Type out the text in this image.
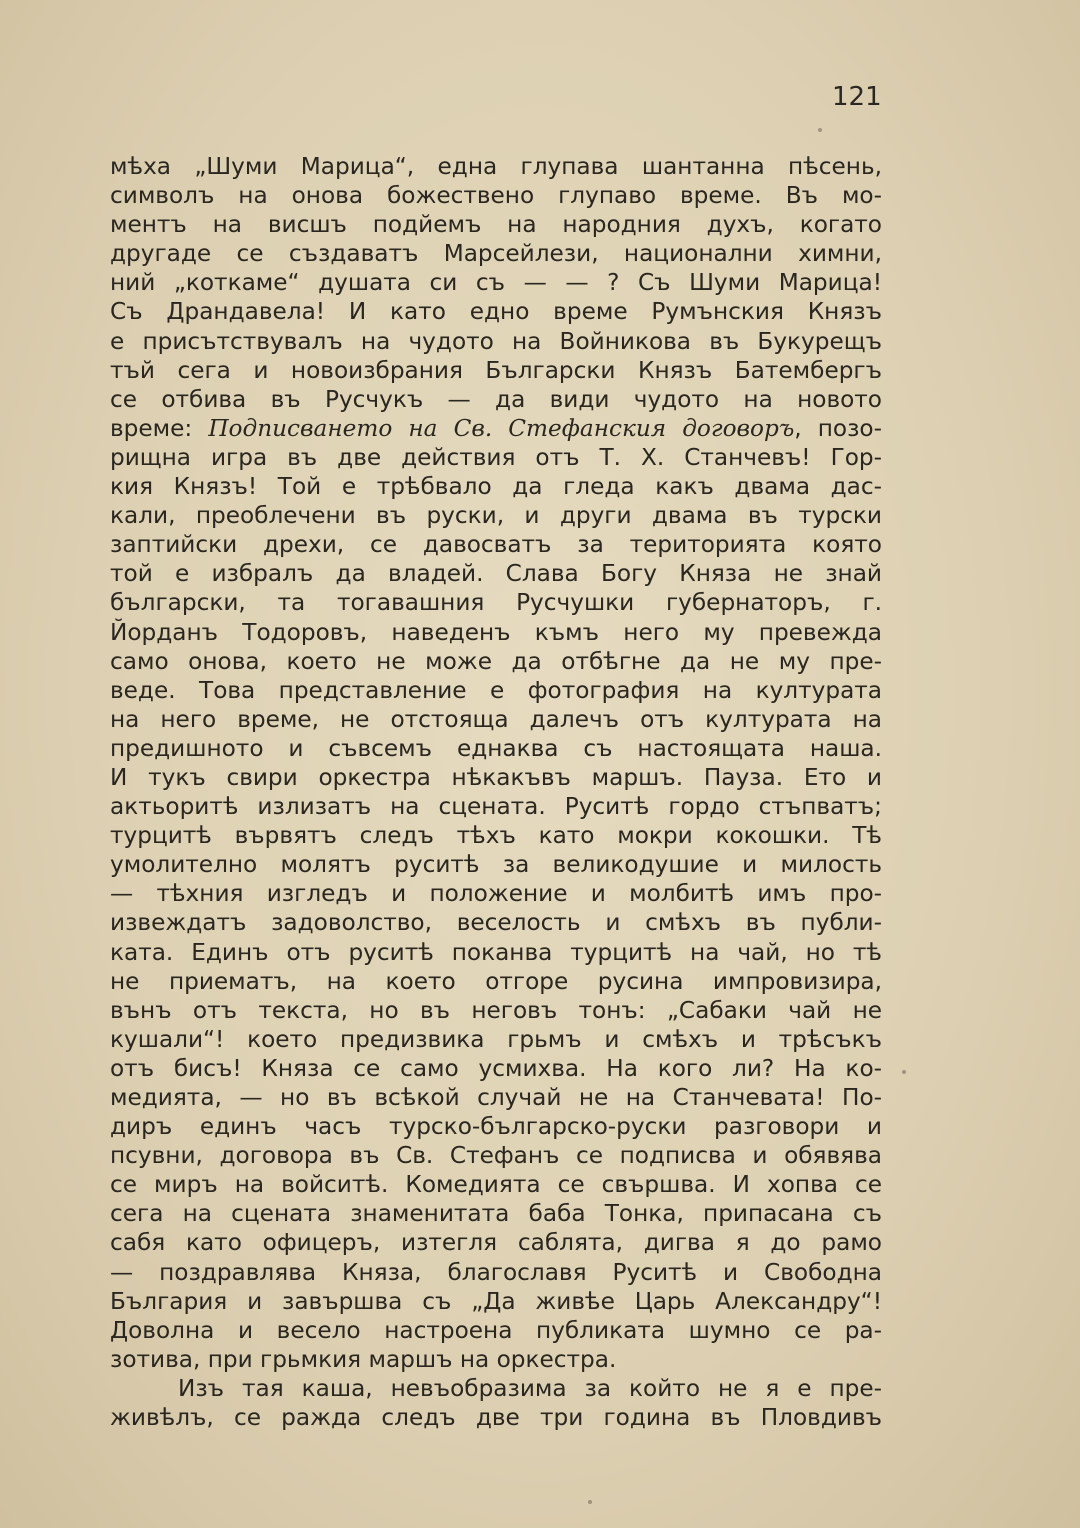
121
мѣха „Шуми Марица“, една глупава шантанна пѣсень,
символъ на онова божествено глупаво време. Въ мо-
ментъ на висшъ подйемъ на народния духъ, когато
другаде се създаватъ Марсейлези, национални химни,
ний „коткаме“ душата си съ — — ? Съ Шуми Марица!
Съ Драндавела! И като едно време Румънския Князъ
е присътствувалъ на чудото на Войникова въ Букурещъ
тъй сега и новоизбрания Български Князъ Батембергъ
се отбива въ Русчукъ — да види чудото на новото
време: Подписването на Св. Стефанския договоръ, позо-
рищна игра въ две действия отъ Т. Х. Станчевъ! Гор-
кия Князъ! Той е трѣбвало да гледа какъ двама дас-
кали, преоблечени въ руски, и други двама въ турски
заптийски дрехи, се давосватъ за територията която
той е избралъ да владей. Слава Богу Княза не знай
български, та тогавашния Русчушки губернаторъ, г.
Йорданъ Тодоровъ, наведенъ къмъ него му превежда
само онова, което не може да отбѣгне да не му пре-
веде. Това представление е фотография на културата
на него време, не отстояща далечъ отъ културата на
предишното и съвсемъ еднаква съ настоящата наша.
И тукъ свири оркестра нѣкакъвъ маршъ. Пауза. Ето и
актьоритѣ излизатъ на сцената. Руситѣ гордо стъпватъ;
турцитѣ вървятъ следъ тѣхъ като мокри кокошки. Тѣ
умолително молятъ руситѣ за великодушие и милость
— тѣхния изгледъ и положение и молбитѣ имъ про-
извеждатъ задоволство, веселость и смѣхъ въ публи-
ката. Единъ отъ руситѣ поканва турцитѣ на чай, но тѣ
не приематъ, на което отгоре русина импровизира,
вънъ отъ текста, но въ неговъ тонъ: „Сабаки чай не
кушали“! което предизвика грьмъ и смѣхъ и трѣсъкъ
отъ бисъ! Княза се само усмихва. На кого ли? На ко-
медията, — но въ всѣкой случай не на Станчевата! По-
диръ единъ часъ турско-българско-руски разговори и
псувни, договора въ Св. Стефанъ се подписва и обявява
се миръ на войситѣ. Комедията се свършва. И хопва се
сега на сцената знаменитата баба Тонка, припасана съ
сабя като офицеръ, изтегля саблята, дигва я до рамо
— поздравлява Княза, благославя Руситѣ и Свободна
България и завършва съ „Да живѣе Царь Александру“!
Доволна и весело настроена публиката шумно се ра-
зотива, при грьмкия маршъ на оркестра.
Изъ тая каша, невъобразима за който не я е пре-
живѣлъ, се ражда следъ две три година въ Пловдивъ
